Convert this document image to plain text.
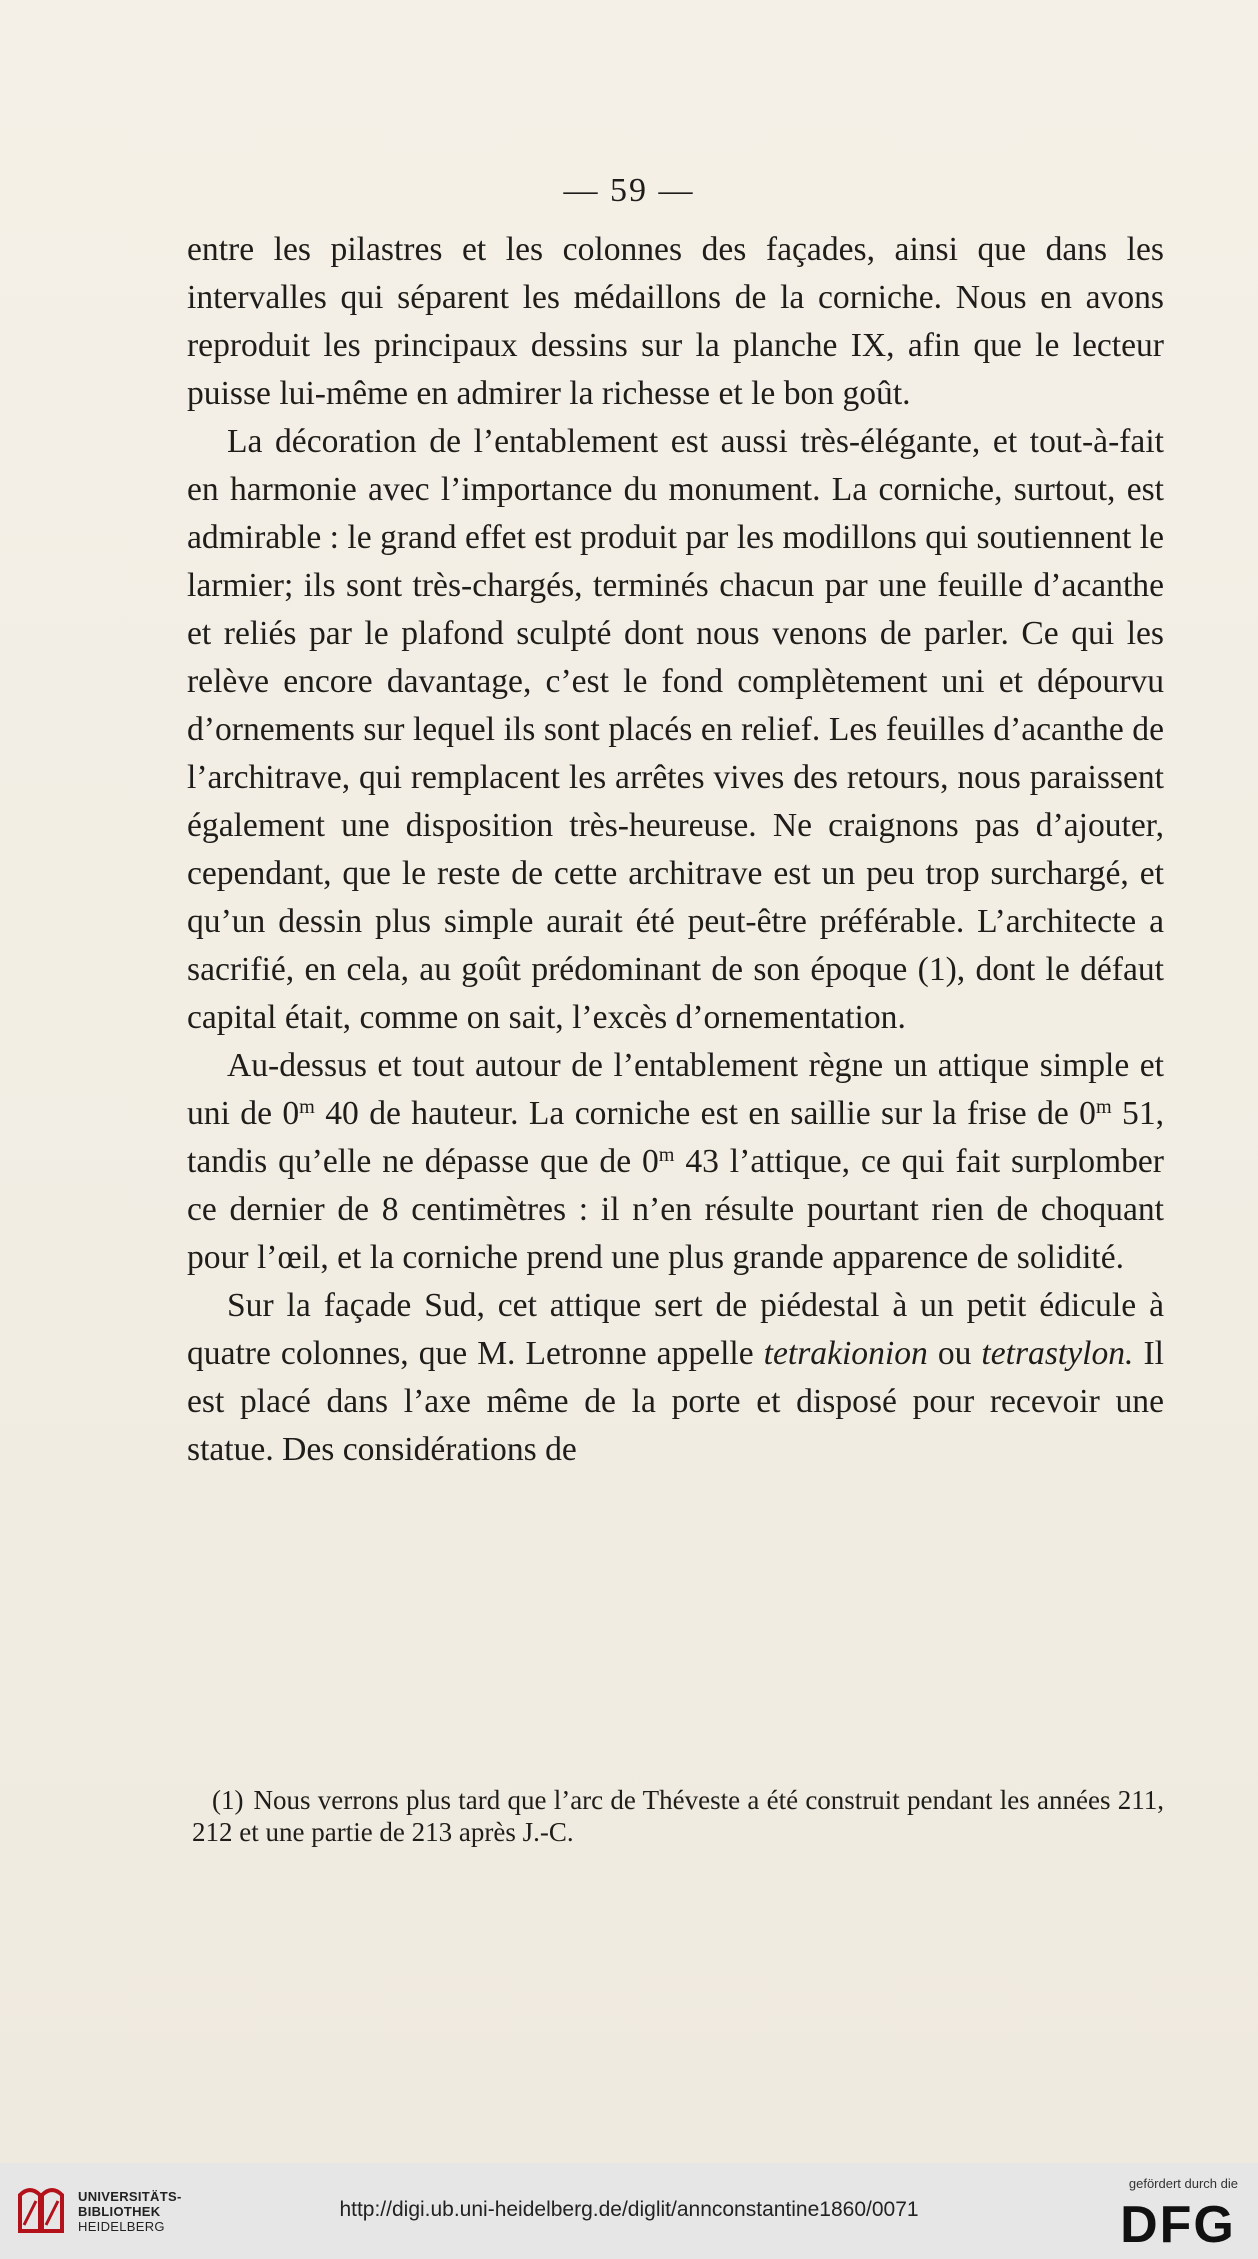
— 59 —

entre les pilastres et les colonnes des façades, ainsi que dans les intervalles qui séparent les médaillons de la corniche. Nous en avons reproduit les principaux dessins sur la planche IX, afin que le lecteur puisse lui-même en admirer la richesse et le bon goût.

La décoration de l’entablement est aussi très-élégante, et tout-à-fait en harmonie avec l’importance du monument. La corniche, surtout, est admirable : le grand effet est produit par les modillons qui soutiennent le larmier; ils sont très-chargés, terminés chacun par une feuille d’acanthe et reliés par le plafond sculpté dont nous venons de parler. Ce qui les relève encore davantage, c’est le fond complètement uni et dépourvu d’ornements sur lequel ils sont placés en relief. Les feuilles d’acanthe de l’architrave, qui remplacent les arrêtes vives des retours, nous paraissent également une disposition très-heureuse. Ne craignons pas d’ajouter, cependant, que le reste de cette architrave est un peu trop surchargé, et qu’un dessin plus simple aurait été peut-être préférable. L’architecte a sacrifié, en cela, au goût prédominant de son époque (1), dont le défaut capital était, comme on sait, l’excès d’ornementation.

Au-dessus et tout autour de l’entablement règne un attique simple et uni de 0$^m$ 40 de hauteur. La corniche est en saillie sur la frise de 0$^m$ 51, tandis qu’elle ne dépasse que de 0$^m$ 43 l’attique, ce qui fait surplomber ce dernier de 8 centimètres : il n’en résulte pourtant rien de choquant pour l’œil, et la corniche prend une plus grande apparence de solidité.

Sur la façade Sud, cet attique sert de piédestal à un petit édicule à quatre colonnes, que M. Letronne appelle tetrakionion ou tetrastylon. Il est placé dans l’axe même de la porte et disposé pour recevoir une statue. Des considérations de

(1) Nous verrons plus tard que l’arc de Théveste a été construit pendant les années 211, 212 et une partie de 213 après J.-C.
UNIVERSITÄTS-
BIBLIOTHEK
HEIDELBERG
http://digi.ub.uni-heidelberg.de/diglit/annconstantine1860/0071
gefördert durch die
DFG
